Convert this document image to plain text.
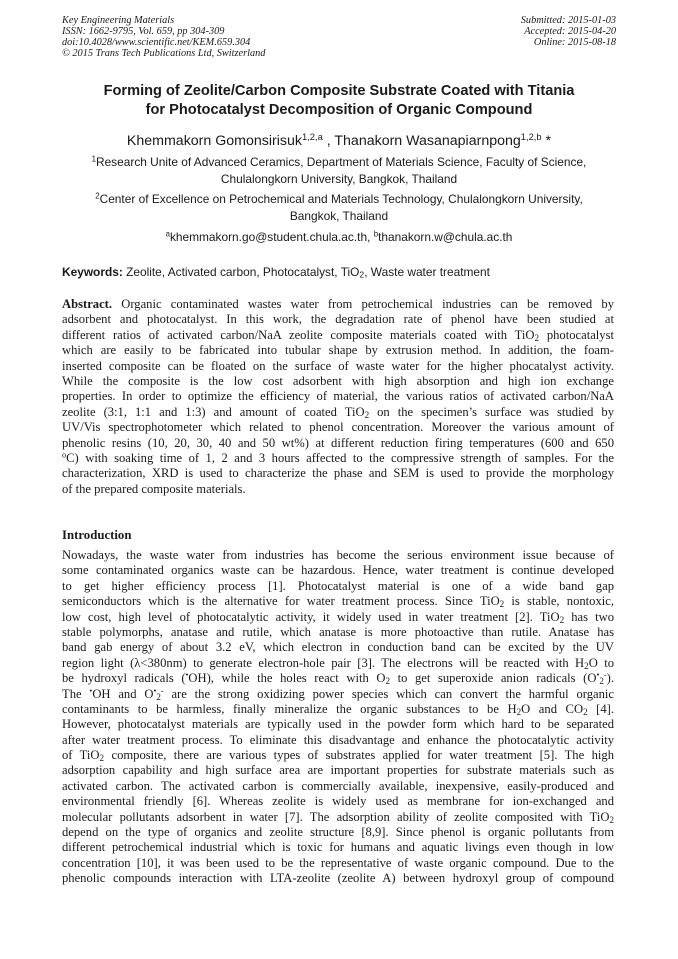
Key Engineering Materials
ISSN: 1662-9795, Vol. 659, pp 304-309
doi:10.4028/www.scientific.net/KEM.659.304
© 2015 Trans Tech Publications Ltd, Switzerland
Submitted: 2015-01-03
Accepted: 2015-04-20
Online: 2015-08-18
Forming of Zeolite/Carbon Composite Substrate Coated with Titania
for Photocatalyst Decomposition of Organic Compound
Khemmakorn Gomonsirisuk$^{1,2,a}$ , Thanakorn Wasanapiarnpong$^{1,2,b}$ *
$^1$Research Unite of Advanced Ceramics, Department of Materials Science, Faculty of Science,
Chulalongkorn University, Bangkok, Thailand
$^2$Center of Excellence on Petrochemical and Materials Technology, Chulalongkorn University,
Bangkok, Thailand
$^a$khemmakorn.go@student.chula.ac.th, $^b$thanakorn.w@chula.ac.th
Keywords: Zeolite, Activated carbon, Photocatalyst, TiO$_2$, Waste water treatment
Abstract. Organic contaminated wastes water from petrochemical industries can be removed by
adsorbent and photocatalyst. In this work, the degradation rate of phenol have been studied at
different ratios of activated carbon/NaA zeolite composite materials coated with TiO$_2$ photocatalyst
which are easily to be fabricated into tubular shape by extrusion method. In addition, the foam-
inserted composite can be floated on the surface of waste water for the higher phocatalyst activity.
While the composite is the low cost adsorbent with high absorption and high ion exchange
properties. In order to optimize the efficiency of material, the various ratios of activated carbon/NaA
zeolite (3:1, 1:1 and 1:3) and amount of coated TiO$_2$ on the specimen’s surface was studied by
UV/Vis spectrophotometer which related to phenol concentration. Moreover the various amount of
phenolic resins (10, 20, 30, 40 and 50 wt%) at different reduction firing temperatures (600 and 650
$^o$C) with soaking time of 1, 2 and 3 hours affected to the compressive strength of samples. For the
characterization, XRD is used to characterize the phase and SEM is used to provide the morphology
of the prepared composite materials.
Introduction
Nowadays, the waste water from industries has become the serious environment issue because of
some contaminated organics waste can be hazardous. Hence, water treatment is continue developed
to get higher efficiency process [1]. Photocatalyst material is one of a wide band gap
semiconductors which is the alternative for water treatment process. Since TiO$_2$ is stable, nontoxic,
low cost, high level of photocatalytic activity, it widely used in water treatment [2]. TiO$_2$ has two
stable polymorphs, anatase and rutile, which anatase is more photoactive than rutile. Anatase has
band gab energy of about 3.2 eV, which electron in conduction band can be excited by the UV
region light (λ<380nm) to generate electron-hole pair [3]. The electrons will be reacted with $H_2O$ to
be hydroxyl radicals (•OH), while the holes react with $O_2$ to get superoxide anion radicals $(O^•_2^-)$.
The •OH and $O^•_2^-$ are the strong oxidizing power species which can convert the harmful organic
contaminants to be harmless, finally mineralize the organic substances to be $H_2O$ and $CO_2$ [4].
However, photocatalyst materials are typically used in the powder form which hard to be separated
after water treatment process. To eliminate this disadvantage and enhance the photocatalytic activity
of TiO$_2$ composite, there are various types of substrates applied for water treatment [5]. The high
adsorption capability and high surface area are important properties for substrate materials such as
activated carbon. The activated carbon is commercially available, inexpensive, easily-produced and
environmental friendly [6]. Whereas zeolite is widely used as membrane for ion-exchanged and
molecular pollutants adsorbent in water [7]. The adsorption ability of zeolite composited with TiO$_2$
depend on the type of organics and zeolite structure [8,9]. Since phenol is organic pollutants from
different petrochemical industrial which is toxic for humans and aquatic livings even though in low
concentration [10], it was been used to be the representative of waste organic compound. Due to the
phenolic compounds interaction with LTA-zeolite (zeolite A) between hydroxyl group of compound
